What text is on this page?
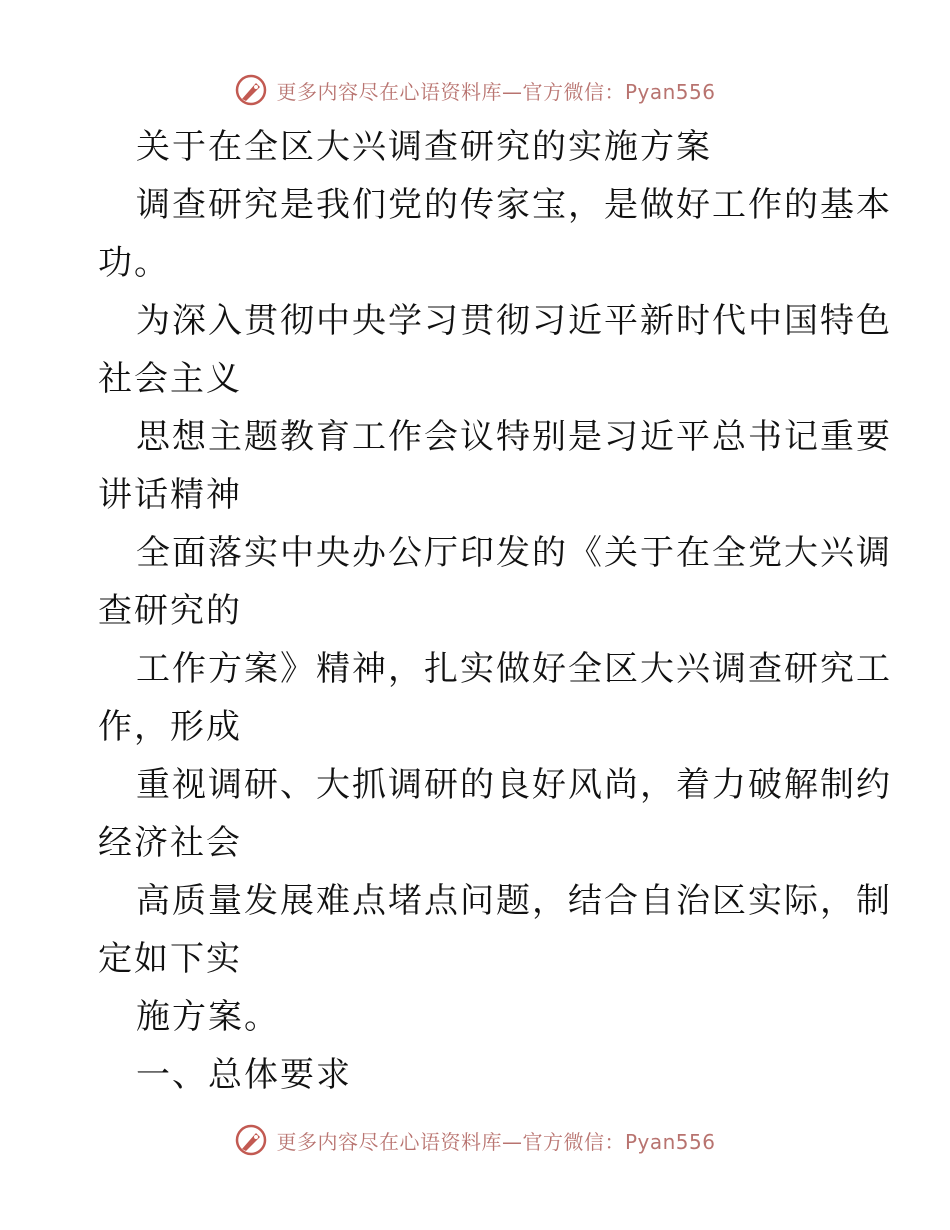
更多内容尽在心语资料库—官方微信：Pyan556
关于在全区大兴调查研究的实施方案
调查研究是我们党的传家宝，是做好工作的基本
功。
为深入贯彻中央学习贯彻习近平新时代中国特色
社会主义
思想主题教育工作会议特别是习近平总书记重要
讲话精神
全面落实中央办公厅印发的《关于在全党大兴调
查研究的
工作方案》精神，扎实做好全区大兴调查研究工
作，形成
重视调研、大抓调研的良好风尚，着力破解制约
经济社会
高质量发展难点堵点问题，结合自治区实际，制
定如下实
施方案。
一、总体要求
更多内容尽在心语资料库—官方微信：Pyan556
